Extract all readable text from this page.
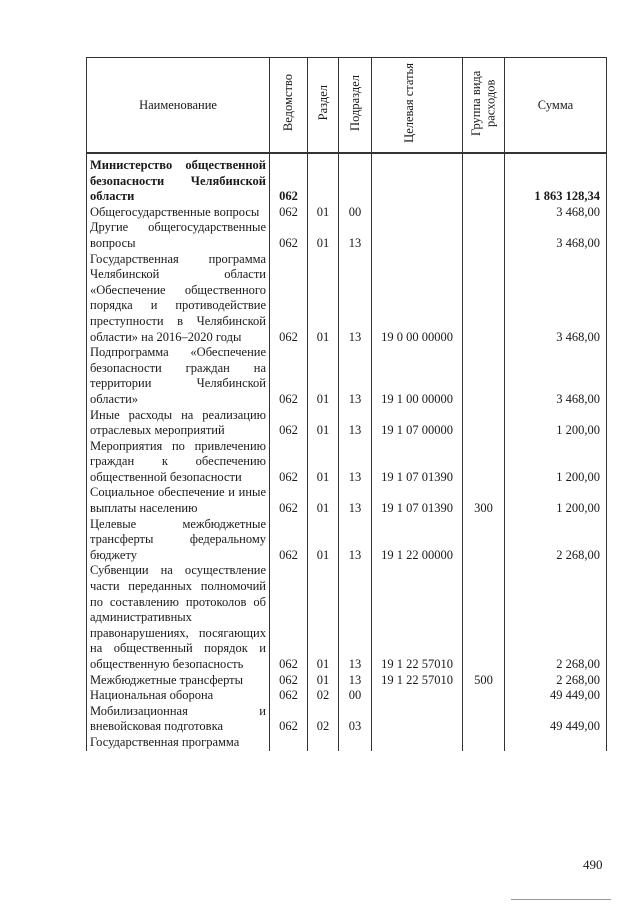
Наименование	Ведомство	Раздел	Подраздел	Целевая статья	Группа вида расходов	Сумма
Министерство общественной безопасности Челябинской области	062					1 863 128,34
Общегосударственные вопросы	062	01	00			3 468,00
Другие общегосударственные вопросы	062	01	13			3 468,00
Государственная программа Челябинской области «Обеспечение общественного порядка и противодействие преступности в Челябинской области» на 2016–2020 годы	062	01	13	19 0 00 00000		3 468,00
Подпрограмма «Обеспечение безопасности граждан на территории Челябинской области»	062	01	13	19 1 00 00000		3 468,00
Иные расходы на реализацию отраслевых мероприятий	062	01	13	19 1 07 00000		1 200,00
Мероприятия по привлечению граждан к обеспечению общественной безопасности	062	01	13	19 1 07 01390		1 200,00
Социальное обеспечение и иные выплаты населению	062	01	13	19 1 07 01390	300	1 200,00
Целевые межбюджетные трансферты федеральному бюджету	062	01	13	19 1 22 00000		2 268,00
Субвенции на осуществление части переданных полномочий по составлению протоколов об административных правонарушениях, посягающих на общественный порядок и общественную безопасность	062	01	13	19 1 22 57010		2 268,00
Межбюджетные трансферты	062	01	13	19 1 22 57010	500	2 268,00
Национальная оборона	062	02	00			49 449,00
Мобилизационная и вневойсковая подготовка	062	02	03			49 449,00
Государственная программа						
490
